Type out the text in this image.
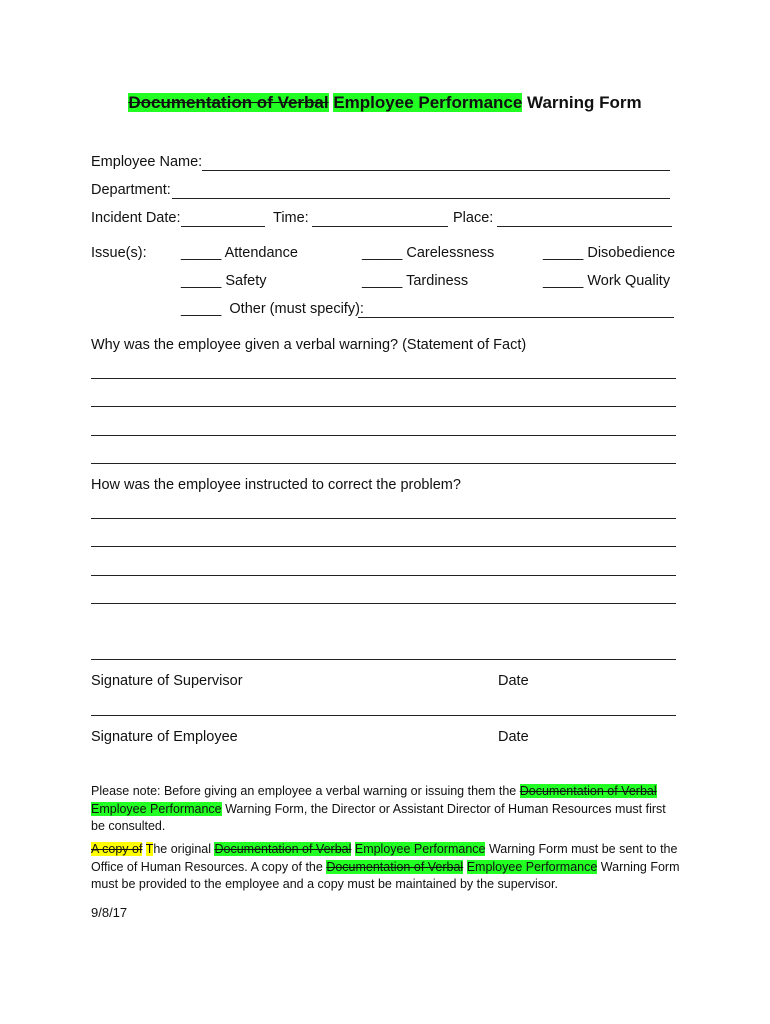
Documentation of Verbal Employee Performance Warning Form
Employee Name:
Department:
Incident Date:	Time:	Place:
Issue(s): _____ Attendance	_____ Carelessness	_____ Disobedience
_____ Safety	_____ Tardiness	_____ Work Quality
_____ Other (must specify):
Why was the employee given a verbal warning? (Statement of Fact)
How was the employee instructed to correct the problem?
Signature of Supervisor	Date
Signature of Employee	Date
Please note: Before giving an employee a verbal warning or issuing them the Documentation of Verbal Employee Performance Warning Form, the Director or Assistant Director of Human Resources must first be consulted.
A copy of The original Documentation of Verbal Employee Performance Warning Form must be sent to the Office of Human Resources. A copy of the Documentation of Verbal Employee Performance Warning Form must be provided to the employee and a copy must be maintained by the supervisor.
9/8/17
